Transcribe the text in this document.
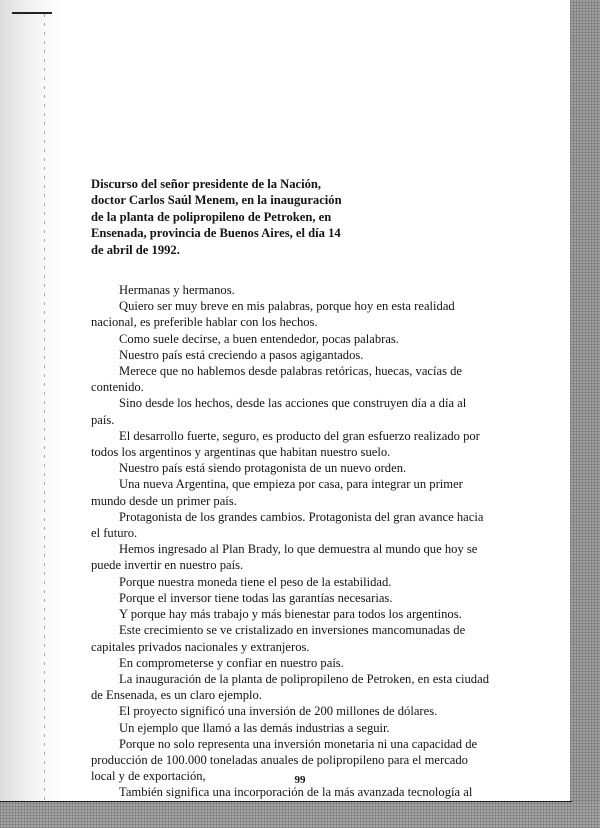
Discurso del señor presidente de la Nación,
doctor Carlos Saúl Menem, en la inauguración
de la planta de polipropileno de Petroken, en
Ensenada, provincia de Buenos Aires, el día 14
de abril de 1992.

Hermanas y hermanos.

Quiero ser muy breve en mis palabras, porque hoy en esta realidad nacional, es preferible hablar con los hechos.

Como suele decirse, a buen entendedor, pocas palabras.

Nuestro país está creciendo a pasos agigantados.

Merece que no hablemos desde palabras retóricas, huecas, vacías de contenido.

Sino desde los hechos, desde las acciones que construyen día a día al país.

El desarrollo fuerte, seguro, es producto del gran esfuerzo realizado por todos los argentinos y argentinas que habitan nuestro suelo.

Nuestro país está siendo protagonista de un nuevo orden.

Una nueva Argentina, que empieza por casa, para integrar un primer mundo desde un primer país.

Protagonista de los grandes cambios. Protagonista del gran avance hacia el futuro.

Hemos ingresado al Plan Brady, lo que demuestra al mundo que hoy se puede invertir en nuestro país.

Porque nuestra moneda tiene el peso de la estabilidad.

Porque el inversor tiene todas las garantías necesarias.

Y porque hay más trabajo y más bienestar para todos los argentinos.

Este crecimiento se ve cristalizado en inversiones mancomunadas de capitales privados nacionales y extranjeros.

En comprometerse y confiar en nuestro país.

La inauguración de la planta de polipropileno de Petroken, en esta ciudad de Ensenada, es un claro ejemplo.

El proyecto significó una inversión de 200 millones de dólares.

Un ejemplo que llamó a las demás industrias a seguir.

Porque no solo representa una inversión monetaria ni una capacidad de producción de 100.000 toneladas anuales de polipropileno para el mercado local y de exportación,

También significa una incorporación de la más avanzada tecnología al

99
